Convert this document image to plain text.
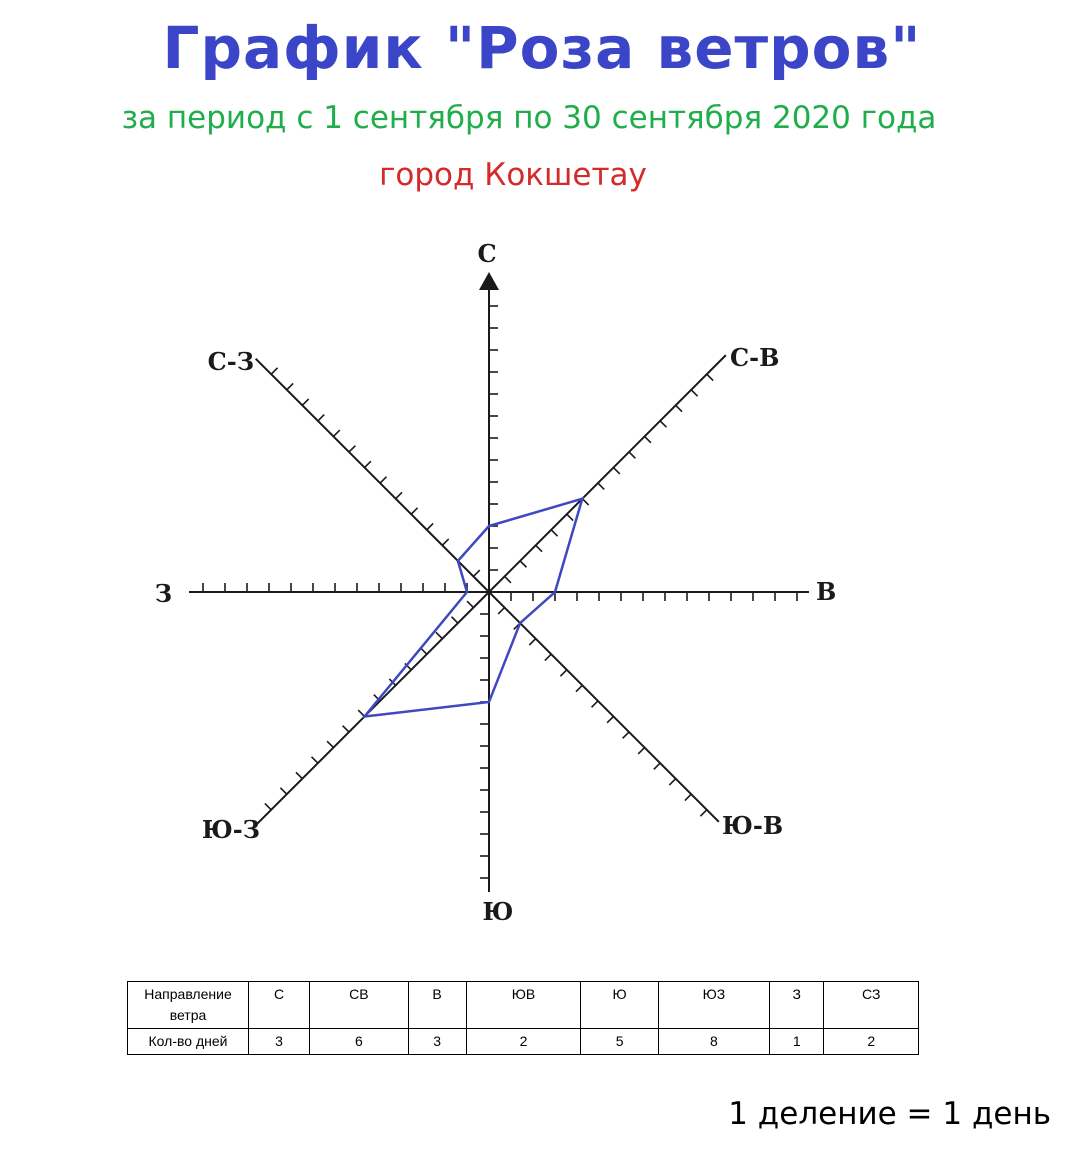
График "Роза ветров"
за период с 1 сентября по 30 сентября 2020 года
город Кокшетау
С
С-В
В
Ю-В
Ю
Ю-З
З
С-З
Направление ветра	С	СВ	В	ЮВ	Ю	ЮЗ	З	СЗ
Кол-во дней	3	6	3	2	5	8	1	2
1 деление = 1 день
